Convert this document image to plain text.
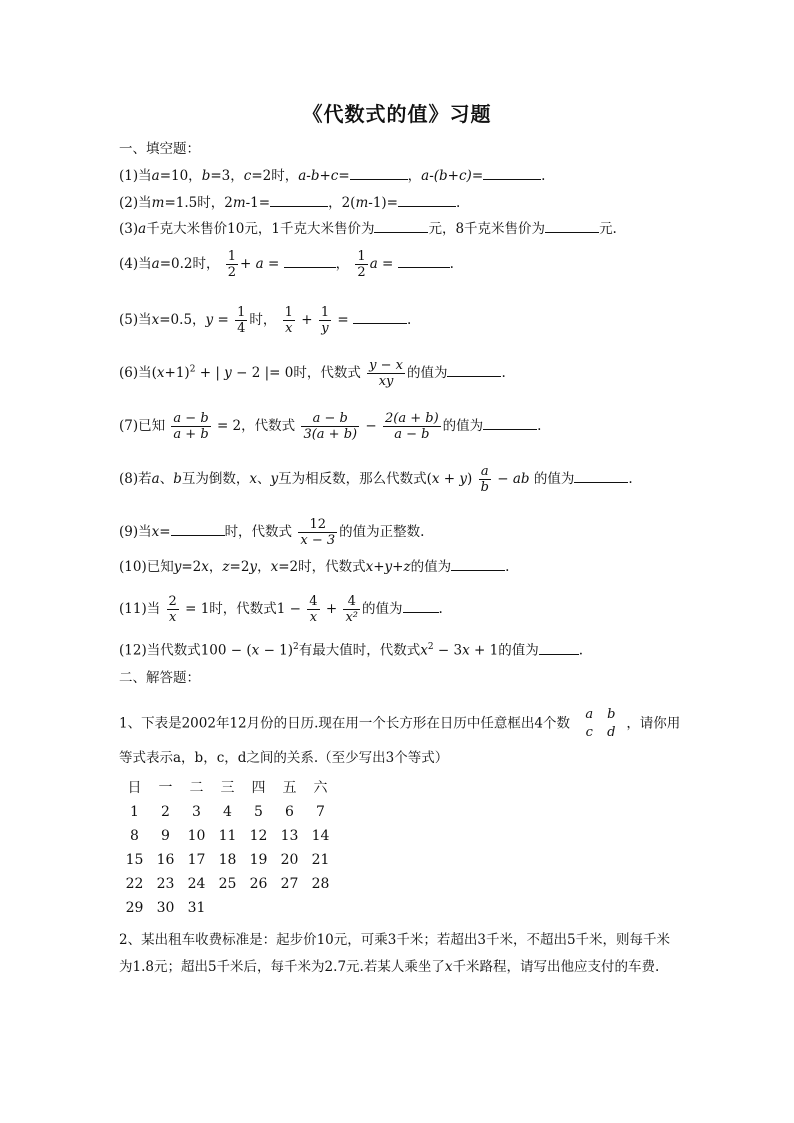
《代数式的值》习题
一、填空题：
(1)当a=10，b=3，c=2时，a-b+c=	，a-(b+c)=	.
(2)当m=1.5时，2m-1=	，2(m-1)=	.
(3)a千克大米售价10元，1千克大米售价为	元，8千克米售价为	元.
(4)当a=0.2时， $\frac{1}{2} + a$ =	， $\frac{1}{2}$ a =	.
(5)当x=0.5，$y = \frac{1}{4}$ 时， $\frac{1}{x} + \frac{1}{y}$ =	.
(6)当$(x+1)^2$ + | y − 2 |= 0时，代数式 $\frac{y - x}{xy}$ 的值为	.
(7)已知 $\frac{a - b}{a + b} = 2$，代数式 $\frac{a - b}{3(a + b)} - \frac{2(a + b)}{a - b}$ 的值为	.
(8)若a、b互为倒数，x、y互为相反数，那么代数式$(x + y) \frac{a}{b}$ − ab 的值为	.
(9)当x=	时，代数式 $\frac{12}{x - 3}$ 的值为正整数.
(10)已知y=2x，z=2y，x=2时，代数式x+y+z的值为	.
(11)当 $\frac{2}{x} = 1$时，代数式$1 - \frac{4}{x} + \frac{4}{\text{x²}}$ 的值为	.
(12)当代数式$100 - (x - 1)^2$有最大值时，代数式$x^2 - 3x + 1$的值为	.
二、解答题：
1、下表是2002年12月份的日历.现在用一个长方形在日历中任意框出4个数 a b
c d，请你用
等式表示a，b，c，d之间的关系.（至少写出3个等式）
日 一 二 三 四 五 六
1 2 3 4 5 6 7
8 9 10 11 12 13 14
15 16 17 18 19 20 21
22 23 24 25 26 27 28
29 30 31
2、某出租车收费标准是：起步价10元，可乘3千米；若超出3千米，不超出5千米，则每千米
为1.8元；超出5千米后，每千米为2.7元.若某人乘坐了x千米路程，请写出他应支付的车费.
